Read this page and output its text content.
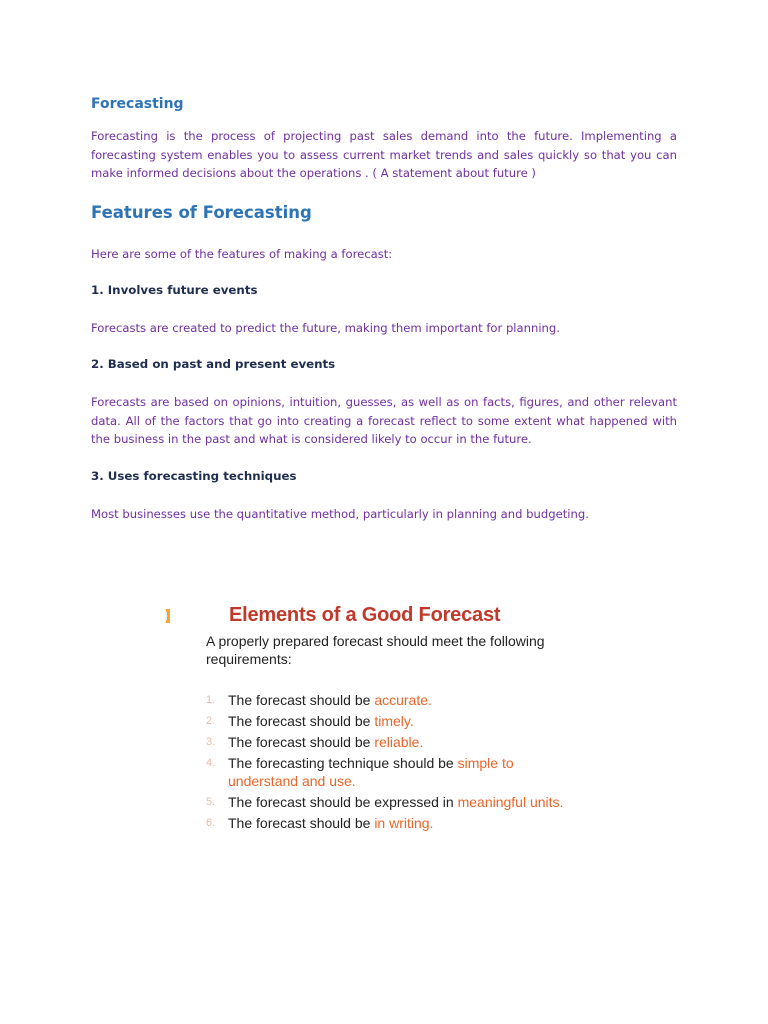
Forecasting

Forecasting is the process of projecting past sales demand into the future. Implementing a forecasting system enables you to assess current market trends and sales quickly so that you can make informed decisions about the operations . ( A statement about future )

Features of Forecasting

Here are some of the features of making a forecast:

1. Involves future events

Forecasts are created to predict the future, making them important for planning.

2. Based on past and present events

Forecasts are based on opinions, intuition, guesses, as well as on facts, figures, and other relevant data. All of the factors that go into creating a forecast reflect to some extent what happened with the business in the past and what is considered likely to occur in the future.

3. Uses forecasting techniques

Most businesses use the quantitative method, particularly in planning and budgeting.

Elements of a Good Forecast

A properly prepared forecast should meet the following requirements:

1. The forecast should be accurate.
2. The forecast should be timely.
3. The forecast should be reliable.
4. The forecasting technique should be simple to understand and use.
5. The forecast should be expressed in meaningful units.
6. The forecast should be in writing.
